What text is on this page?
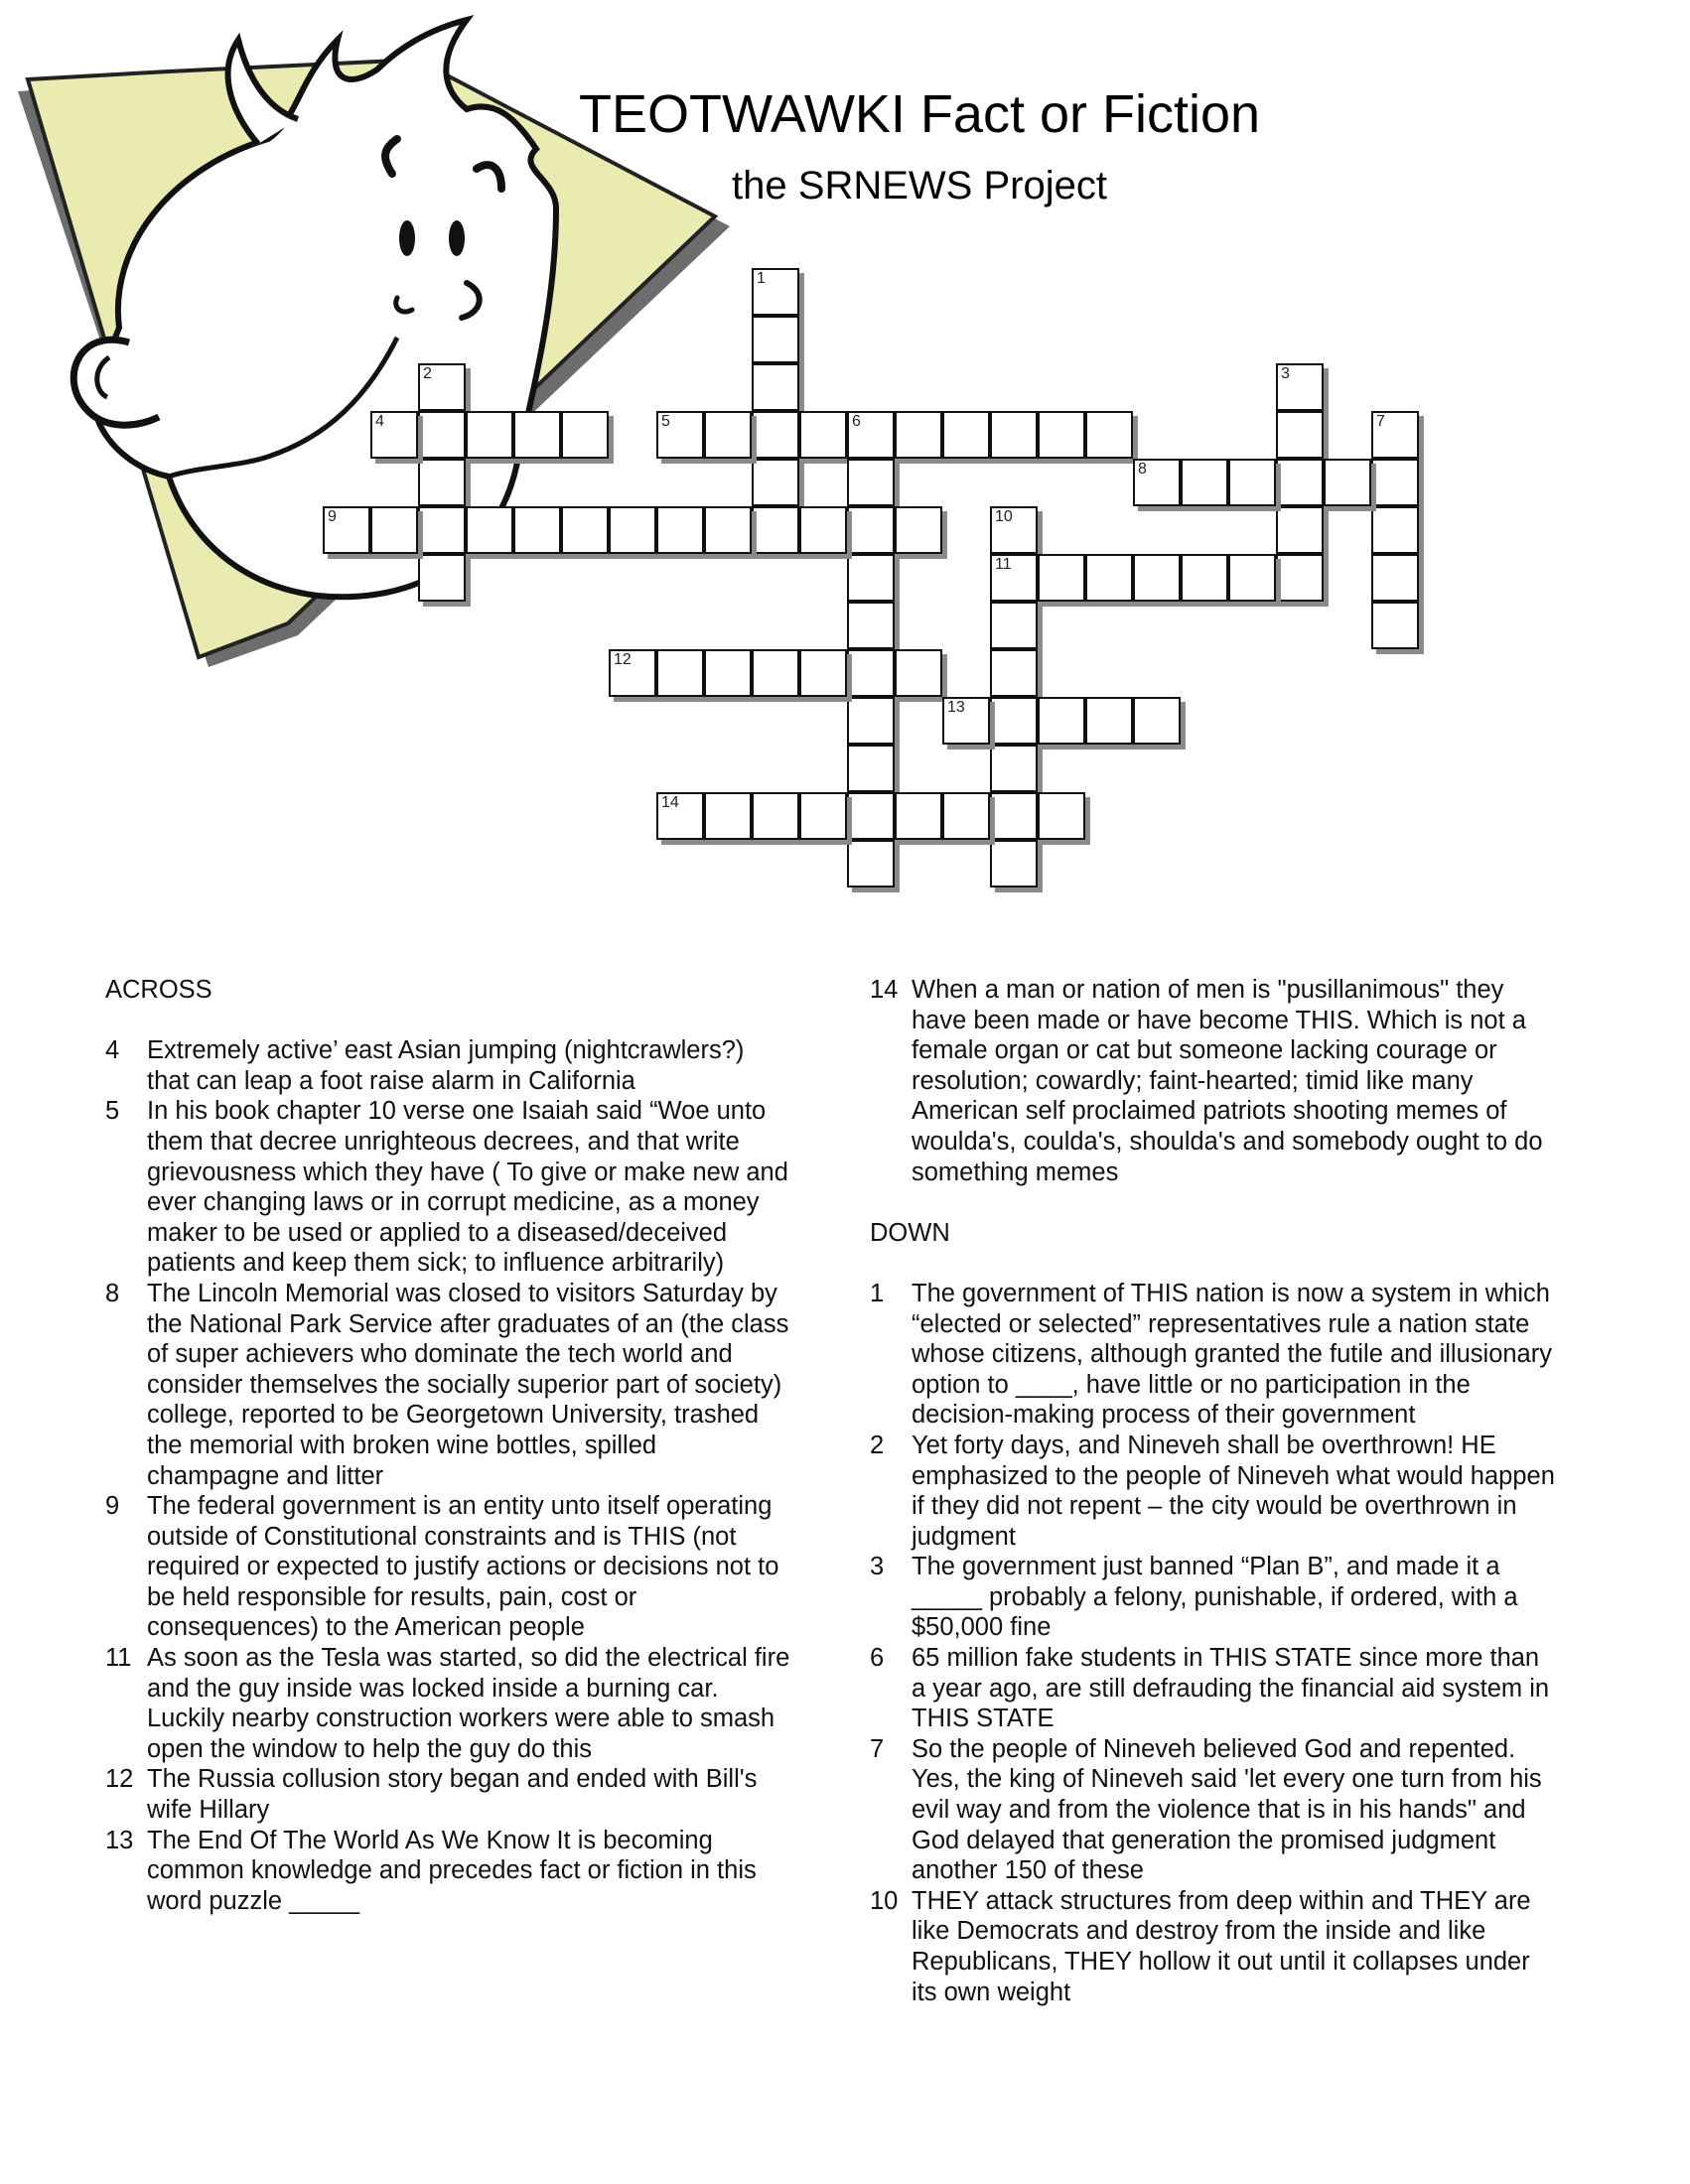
TEOTWAWKI Fact or Fiction
the SRNEWS Project
1
2	3
4	5	6	7
8
9	10
11
12
13
14
ACROSS
4 Extremely active’ east Asian jumping (nightcrawlers?) that can leap a foot raise alarm in California
5 In his book chapter 10 verse one Isaiah said “Woe unto them that decree unrighteous decrees, and that write grievousness which they have ( To give or make new and ever changing laws or in corrupt medicine, as a money maker to be used or applied to a diseased/deceived patients and keep them sick; to influence arbitrarily)
8 The Lincoln Memorial was closed to visitors Saturday by the National Park Service after graduates of an (the class of super achievers who dominate the tech world and consider themselves the socially superior part of society) college, reported to be Georgetown University, trashed the memorial with broken wine bottles, spilled champagne and litter
9 The federal government is an entity unto itself operating outside of Constitutional constraints and is THIS (not required or expected to justify actions or decisions not to be held responsible for results, pain, cost or consequences) to the American people
11 As soon as the Tesla was started, so did the electrical fire and the guy inside was locked inside a burning car. Luckily nearby construction workers were able to smash open the window to help the guy do this
12 The Russia collusion story began and ended with Bill's wife Hillary
13 The End Of The World As We Know It is becoming common knowledge and precedes fact or fiction in this word puzzle _____
14 When a man or nation of men is "pusillanimous" they have been made or have become THIS. Which is not a female organ or cat but someone lacking courage or resolution; cowardly; faint-hearted; timid like many American self proclaimed patriots shooting memes of woulda's, coulda's, shoulda's and somebody ought to do something memes
DOWN
1 The government of THIS nation is now a system in which “elected or selected” representatives rule a nation state whose citizens, although granted the futile and illusionary option to ____, have little or no participation in the decision-making process of their government
2 Yet forty days, and Nineveh shall be overthrown! HE emphasized to the people of Nineveh what would happen if they did not repent – the city would be overthrown in judgment
3 The government just banned “Plan B”, and made it a _____ probably a felony, punishable, if ordered, with a $50,000 fine
6 65 million fake students in THIS STATE since more than a year ago, are still defrauding the financial aid system in THIS STATE
7 So the people of Nineveh believed God and repented. Yes, the king of Nineveh said 'let every one turn from his evil way and from the violence that is in his hands" and God delayed that generation the promised judgment another 150 of these
10 THEY attack structures from deep within and THEY are like Democrats and destroy from the inside and like Republicans, THEY hollow it out until it collapses under its own weight
